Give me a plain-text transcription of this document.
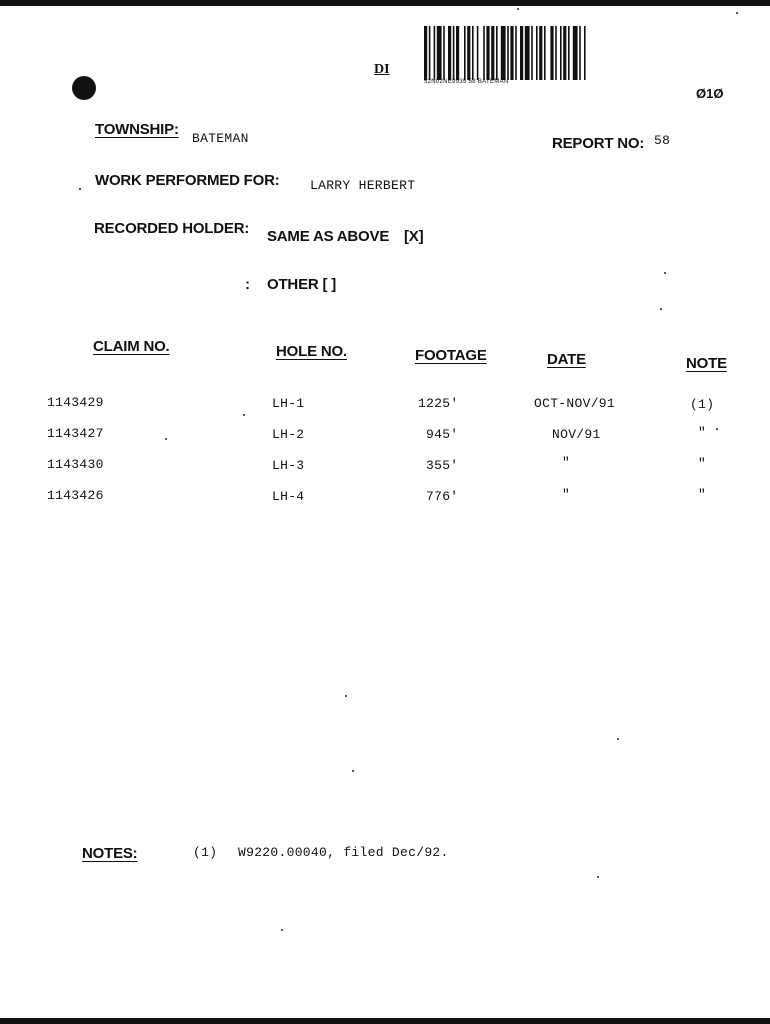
DI
52N02NE9935 58 BATEMAN
Ø1Ø
TOWNSHIP:
BATEMAN	REPORT NO: 58
WORK PERFORMED FOR: LARRY HERBERT
RECORDED HOLDER: SAME AS ABOVE [X]
: OTHER [ ]
CLAIM NO.	HOLE NO.	FOOTAGE	DATE	NOTE
1143429	LH-1	1225'	OCT-NOV/91	(1)
1143427	LH-2	945'	NOV/91	"
1143430	LH-3	355'	"	"
1143426	LH-4	776'	"	"
NOTES:	(1) W9220.00040, filed Dec/92.
